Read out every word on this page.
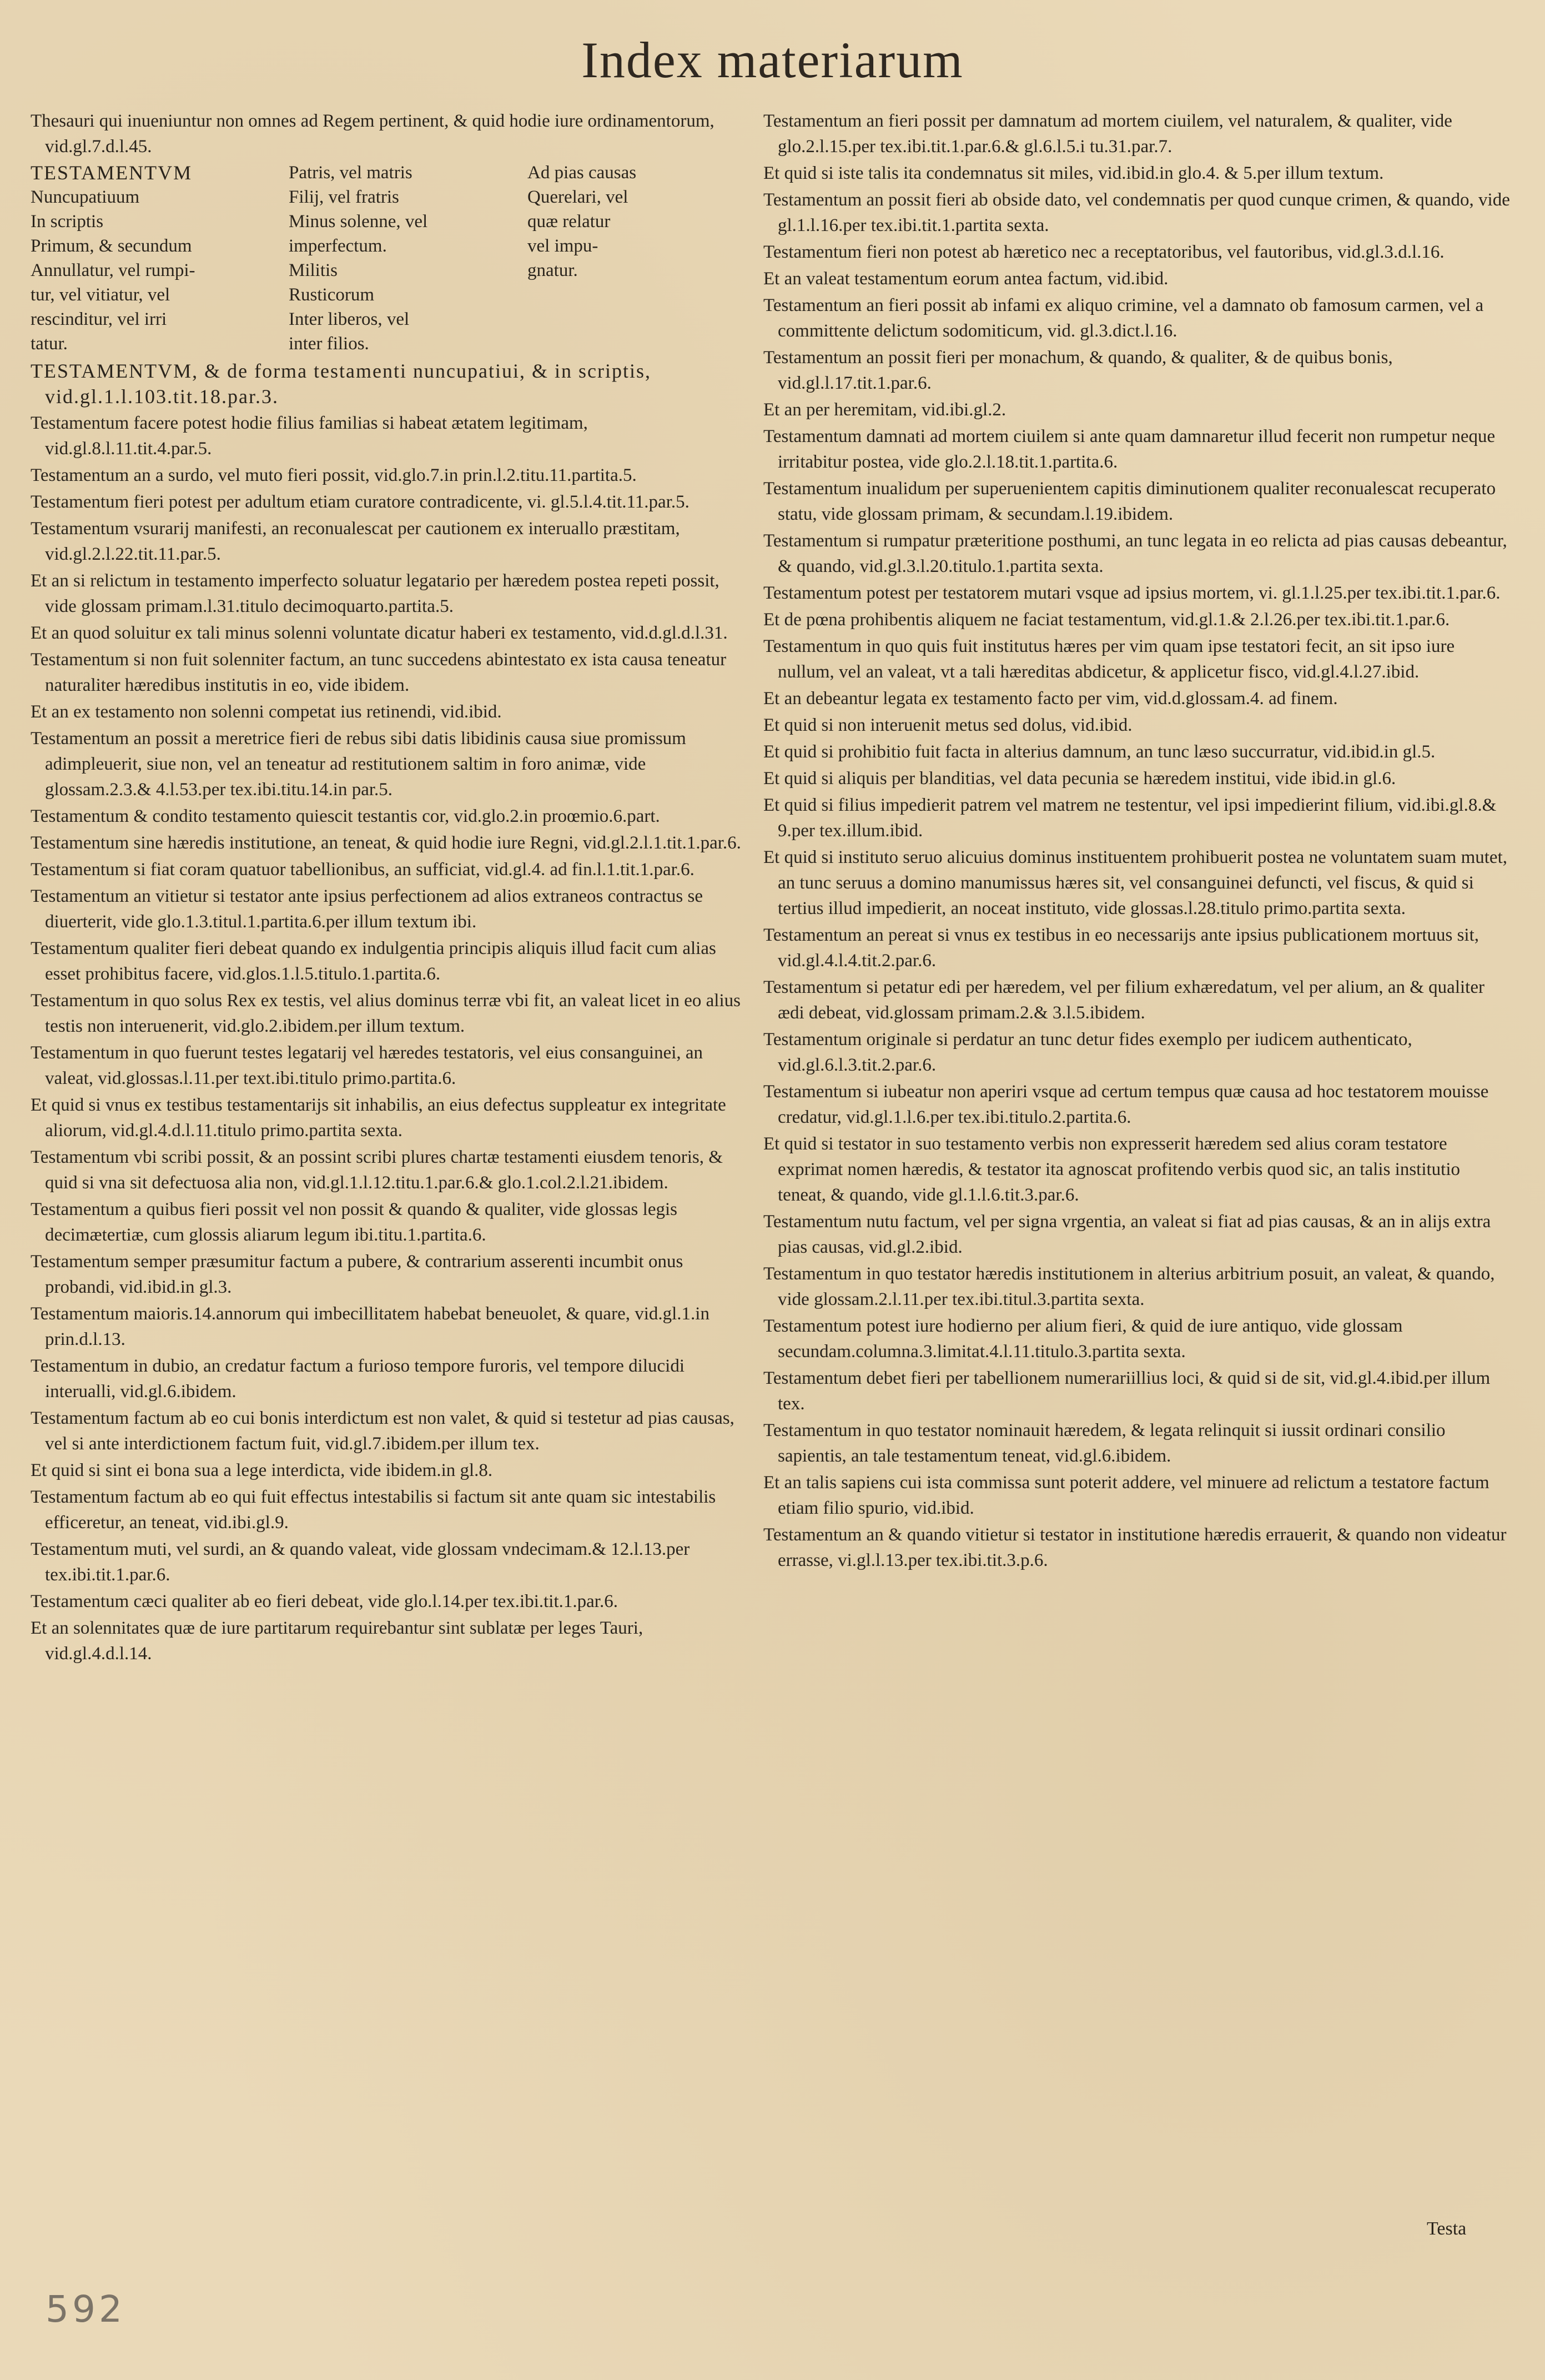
Index materiarum
Thesauri qui inueniuntur non omnes ad Regem pertinent, & quid hodie iure ordinamentorum, vid.gl.7.d.l.45.
TESTAMENTVM	Patris, vel matris	Ad pias causas
Nuncupatiuum	Filij, vel fratris	Querelari, vel
In scriptis	Minus solenne, vel	quæ relatur
Primum, & secundum	imperfectum.	vel impu-
Annullatur, vel rumpi-	Militis	gnatur.
tur, vel vitiatur, vel	Rusticorum
rescinditur, vel irri	Inter liberos, vel
tatur.	inter filios.
TESTAMENTVM, & de forma testamenti nuncupatiui, & in scriptis, vid.gl.1.l.103.tit.18.par.3.
Testamentum facere potest hodie filius familias si habeat ætatem legitimam, vid.gl.8.l.11.tit.4.par.5.
Testamentum an a surdo, vel muto fieri possit, vid.glo.7.in prin.l.2.titu.11.partita.5.
Testamentum fieri potest per adultum etiam curatore contradicente, vi. gl.5.l.4.tit.11.par.5.
Testamentum vsurarij manifesti, an reconualescat per cautionem ex interuallo præstitam, vid.gl.2.l.22.tit.11.par.5.
Et an si relictum in testamento imperfecto soluatur legatario per hæredem postea repeti possit, vide glossam primam.l.31.titulo decimoquarto.partita.5.
Et an quod soluitur ex tali minus solenni voluntate dicatur haberi ex testamento, vid.d.gl.d.l.31.
Testamentum si non fuit solenniter factum, an tunc succedens abintestato ex ista causa teneatur naturaliter hæredibus institutis in eo, vide ibidem.
Et an ex testamento non solenni competat ius retinendi, vid.ibid.
Testamentum an possit a meretrice fieri de rebus sibi datis libidinis causa siue promissum adimpleuerit, siue non, vel an teneatur ad restitutionem saltim in foro animæ, vide glossam.2.3.& 4.l.53.per tex.ibi.titu.14.in par.5.
Testamentum & condito testamento quiescit testantis cor, vid.glo.2.in proœmio.6.part.
Testamentum sine hæredis institutione, an teneat, & quid hodie iure Regni, vid.gl.2.l.1.tit.1.par.6.
Testamentum si fiat coram quatuor tabellionibus, an sufficiat, vid.gl.4. ad fin.l.1.tit.1.par.6.
Testamentum an vitietur si testator ante ipsius perfectionem ad alios extraneos contractus se diuerterit, vide glo.1.3.titul.1.partita.6.per illum textum ibi.
Testamentum qualiter fieri debeat quando ex indulgentia principis aliquis illud facit cum alias esset prohibitus facere, vid.glos.1.l.5.titulo.1.partita.6.
Testamentum in quo solus Rex ex testis, vel alius dominus terræ vbi fit, an valeat licet in eo alius testis non interuenerit, vid.glo.2.ibidem.per illum textum.
Testamentum in quo fuerunt testes legatarij vel hæredes testatoris, vel eius consanguinei, an valeat, vid.glossas.l.11.per text.ibi.titulo primo.partita.6.
Et quid si vnus ex testibus testamentarijs sit inhabilis, an eius defectus suppleatur ex integritate aliorum, vid.gl.4.d.l.11.titulo primo.partita sexta.
Testamentum vbi scribi possit, & an possint scribi plures chartæ testamenti eiusdem tenoris, & quid si vna sit defectuosa alia non, vid.gl.1.l.12.titu.1.par.6.& glo.1.col.2.l.21.ibidem.
Testamentum a quibus fieri possit vel non possit & quando & qualiter, vide glossas legis decimætertiæ, cum glossis aliarum legum ibi.titu.1.partita.6.
Testamentum semper præsumitur factum a pubere, & contrarium asserenti incumbit onus probandi, vid.ibid.in gl.3.
Testamentum maioris.14.annorum qui imbecillitatem habebat beneuolet, & quare, vid.gl.1.in prin.d.l.13.
Testamentum in dubio, an credatur factum a furioso tempore furoris, vel tempore dilucidi interualli, vid.gl.6.ibidem.
Testamentum factum ab eo cui bonis interdictum est non valet, & quid si testetur ad pias causas, vel si ante interdictionem factum fuit, vid.gl.7.ibidem.per illum tex.
Et quid si sint ei bona sua a lege interdicta, vide ibidem.in gl.8.
Testamentum factum ab eo qui fuit effectus intestabilis si factum sit ante quam sic intestabilis efficeretur, an teneat, vid.ibi.gl.9.
Testamentum muti, vel surdi, an & quando valeat, vide glossam vndecimam.& 12.l.13.per tex.ibi.tit.1.par.6.
Testamentum cæci qualiter ab eo fieri debeat, vide glo.l.14.per tex.ibi.tit.1.par.6.
Et an solennitates quæ de iure partitarum requirebantur sint sublatæ per leges Tauri, vid.gl.4.d.l.14.
Testamentum an fieri possit per damnatum ad mortem ciuilem, vel naturalem, & qualiter, vide glo.2.l.15.per tex.ibi.tit.1.par.6.& gl.6.l.5.i tu.31.par.7.
Et quid si iste talis ita condemnatus sit miles, vid.ibid.in glo.4. & 5.per illum textum.
Testamentum an possit fieri ab obside dato, vel condemnatis per quod cunque crimen, & quando, vide gl.1.l.16.per tex.ibi.tit.1.partita sexta.
Testamentum fieri non potest ab hæretico nec a receptatoribus, vel fautoribus, vid.gl.3.d.l.16.
Et an valeat testamentum eorum antea factum, vid.ibid.
Testamentum an fieri possit ab infami ex aliquo crimine, vel a damnato ob famosum carmen, vel a committente delictum sodomiticum, vid. gl.3.dict.l.16.
Testamentum an possit fieri per monachum, & quando, & qualiter, & de quibus bonis, vid.gl.l.17.tit.1.par.6.
Et an per heremitam, vid.ibi.gl.2.
Testamentum damnati ad mortem ciuilem si ante quam damnaretur illud fecerit non rumpetur neque irritabitur postea, vide glo.2.l.18.tit.1.partita.6.
Testamentum inualidum per superuenientem capitis diminutionem qualiter reconualescat recuperato statu, vide glossam primam, & secundam.l.19.ibidem.
Testamentum si rumpatur præteritione posthumi, an tunc legata in eo relicta ad pias causas debeantur, & quando, vid.gl.3.l.20.titulo.1.partita sexta.
Testamentum potest per testatorem mutari vsque ad ipsius mortem, vi. gl.1.l.25.per tex.ibi.tit.1.par.6.
Et de pœna prohibentis aliquem ne faciat testamentum, vid.gl.1.& 2.l.26.per tex.ibi.tit.1.par.6.
Testamentum in quo quis fuit institutus hæres per vim quam ipse testatori fecit, an sit ipso iure nullum, vel an valeat, vt a tali hæreditas abdicetur, & applicetur fisco, vid.gl.4.l.27.ibid.
Et an debeantur legata ex testamento facto per vim, vid.d.glossam.4. ad finem.
Et quid si non interuenit metus sed dolus, vid.ibid.
Et quid si prohibitio fuit facta in alterius damnum, an tunc læso succurratur, vid.ibid.in gl.5.
Et quid si aliquis per blanditias, vel data pecunia se hæredem institui, vide ibid.in gl.6.
Et quid si filius impedierit patrem vel matrem ne testentur, vel ipsi impedierint filium, vid.ibi.gl.8.& 9.per tex.illum.ibid.
Et quid si instituto seruo alicuius dominus instituentem prohibuerit postea ne voluntatem suam mutet, an tunc seruus a domino manumissus hæres sit, vel consanguinei defuncti, vel fiscus, & quid si tertius illud impedierit, an noceat instituto, vide glossas.l.28.titulo primo.partita sexta.
Testamentum an pereat si vnus ex testibus in eo necessarijs ante ipsius publicationem mortuus sit, vid.gl.4.l.4.tit.2.par.6.
Testamentum si petatur edi per hæredem, vel per filium exhæredatum, vel per alium, an & qualiter ædi debeat, vid.glossam primam.2.& 3.l.5.ibidem.
Testamentum originale si perdatur an tunc detur fides exemplo per iudicem authenticato, vid.gl.6.l.3.tit.2.par.6.
Testamentum si iubeatur non aperiri vsque ad certum tempus quæ causa ad hoc testatorem mouisse credatur, vid.gl.1.l.6.per tex.ibi.titulo.2.partita.6.
Et quid si testator in suo testamento verbis non expresserit hæredem sed alius coram testatore exprimat nomen hæredis, & testator ita agnoscat profitendo verbis quod sic, an talis institutio teneat, & quando, vide gl.1.l.6.tit.3.par.6.
Testamentum nutu factum, vel per signa vrgentia, an valeat si fiat ad pias causas, & an in alijs extra pias causas, vid.gl.2.ibid.
Testamentum in quo testator hæredis institutionem in alterius arbitrium posuit, an valeat, & quando, vide glossam.2.l.11.per tex.ibi.titul.3.partita sexta.
Testamentum potest iure hodierno per alium fieri, & quid de iure antiquo, vide glossam secundam.columna.3.limitat.4.l.11.titulo.3.partita sexta.
Testamentum debet fieri per tabellionem numerariillius loci, & quid si de sit, vid.gl.4.ibid.per illum tex.
Testamentum in quo testator nominauit hæredem, & legata relinquit si iussit ordinari consilio sapientis, an tale testamentum teneat, vid.gl.6.ibidem.
Et an talis sapiens cui ista commissa sunt poterit addere, vel minuere ad relictum a testatore factum etiam filio spurio, vid.ibid.
Testamentum an & quando vitietur si testator in institutione hæredis errauerit, & quando non videatur errasse, vi.gl.l.13.per tex.ibi.tit.3.p.6.
Testa
592
